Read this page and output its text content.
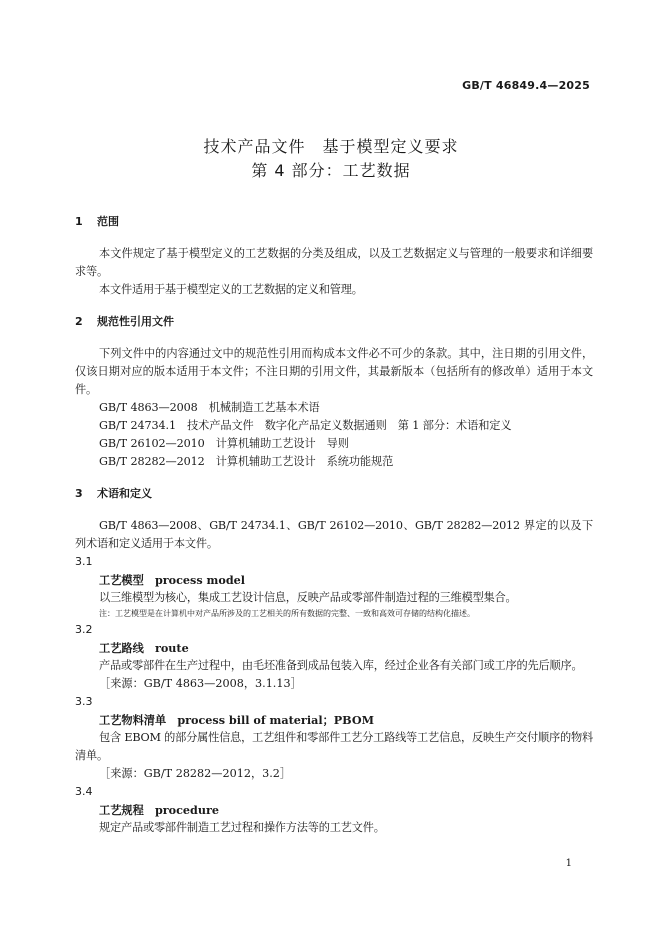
GB/T 46849.4—2025
技术产品文件　基于模型定义要求
第 4 部分：工艺数据
1 范围
本文件规定了基于模型定义的工艺数据的分类及组成，以及工艺数据定义与管理的一般要求和详细要求等。
本文件适用于基于模型定义的工艺数据的定义和管理。
2 规范性引用文件
下列文件中的内容通过文中的规范性引用而构成本文件必不可少的条款。其中，注日期的引用文件，仅该日期对应的版本适用于本文件；不注日期的引用文件，其最新版本（包括所有的修改单）适用于本文件。
GB/T 4863—2008　机械制造工艺基本术语
GB/T 24734.1　技术产品文件　数字化产品定义数据通则　第 1 部分：术语和定义
GB/T 26102—2010　计算机辅助工艺设计　导则
GB/T 28282—2012　计算机辅助工艺设计　系统功能规范
3 术语和定义
GB/T 4863—2008、GB/T 24734.1、GB/T 26102—2010、GB/T 28282—2012 界定的以及下列术语和定义适用于本文件。
3.1
工艺模型　process model
以三维模型为核心，集成工艺设计信息，反映产品或零部件制造过程的三维模型集合。
注：工艺模型是在计算机中对产品所涉及的工艺相关的所有数据的完整、一致和高效可存储的结构化描述。
3.2
工艺路线　route
产品或零部件在生产过程中，由毛坯准备到成品包装入库，经过企业各有关部门或工序的先后顺序。
［来源：GB/T 4863—2008，3.1.13］
3.3
工艺物料清单　process bill of material；PBOM
包含 EBOM 的部分属性信息，工艺组件和零部件工艺分工路线等工艺信息，反映生产交付顺序的物料清单。
［来源：GB/T 28282—2012，3.2］
3.4
工艺规程　procedure
规定产品或零部件制造工艺过程和操作方法等的工艺文件。
1
